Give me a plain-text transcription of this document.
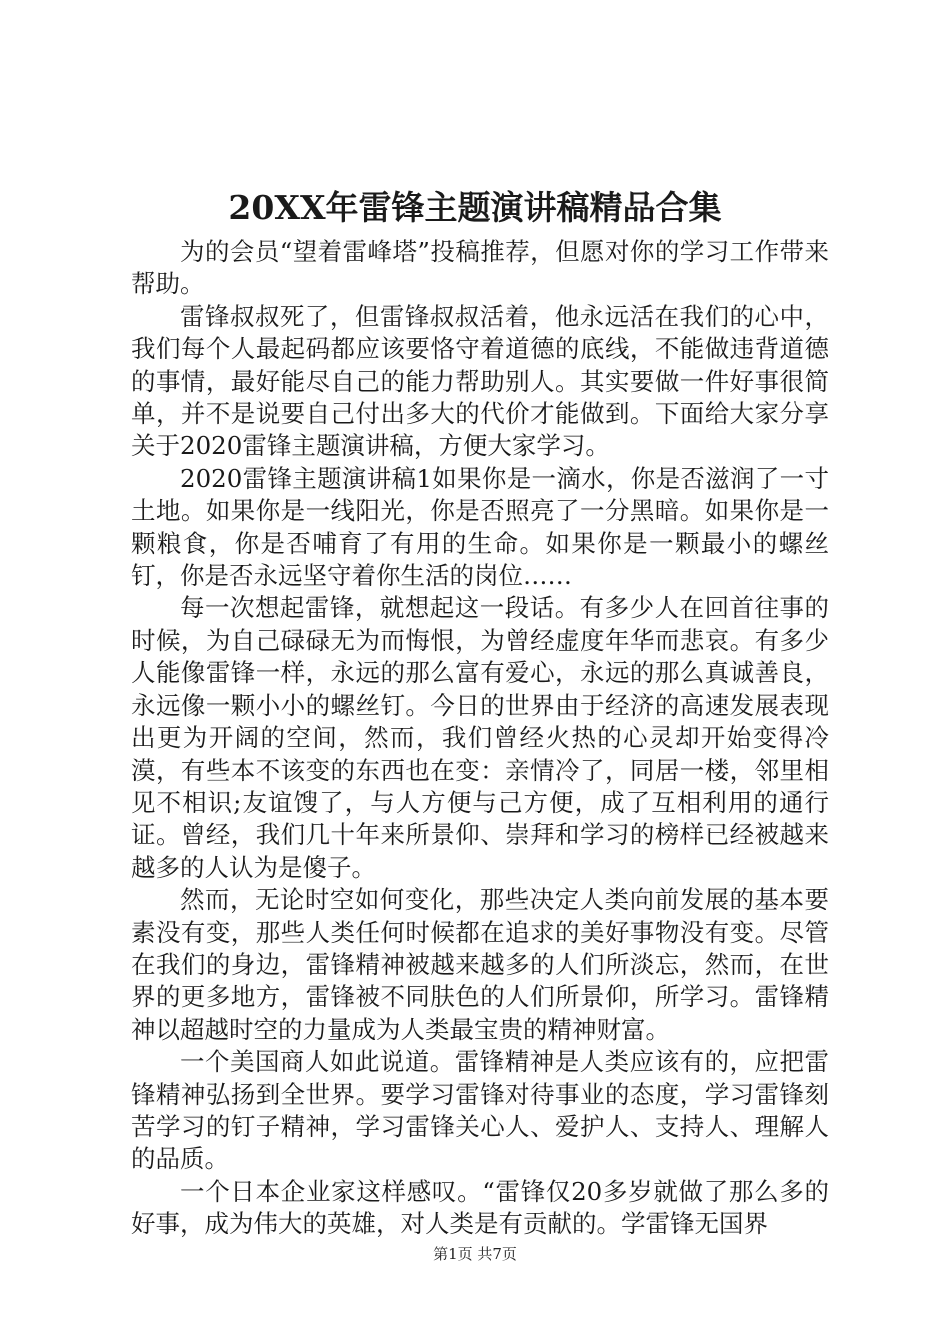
20XX年雷锋主题演讲稿精品合集

为的会员“望着雷峰塔”投稿推荐，但愿对你的学习工作带来帮助。

雷锋叔叔死了，但雷锋叔叔活着，他永远活在我们的心中，我们每个人最起码都应该要恪守着道德的底线，不能做违背道德的事情，最好能尽自己的能力帮助别人。其实要做一件好事很简单，并不是说要自己付出多大的代价才能做到。下面给大家分享关于2020雷锋主题演讲稿，方便大家学习。

2020雷锋主题演讲稿1如果你是一滴水，你是否滋润了一寸土地。如果你是一线阳光，你是否照亮了一分黑暗。如果你是一颗粮食，你是否哺育了有用的生命。如果你是一颗最小的螺丝钉，你是否永远坚守着你生活的岗位……

每一次想起雷锋，就想起这一段话。有多少人在回首往事的时候，为自己碌碌无为而悔恨，为曾经虚度年华而悲哀。有多少人能像雷锋一样，永远的那么富有爱心，永远的那么真诚善良，永远像一颗小小的螺丝钉。今日的世界由于经济的高速发展表现出更为开阔的空间，然而，我们曾经火热的心灵却开始变得冷漠，有些本不该变的东西也在变：亲情冷了，同居一楼，邻里相见不相识;友谊馊了，与人方便与己方便，成了互相利用的通行证。曾经，我们几十年来所景仰、崇拜和学习的榜样已经被越来越多的人认为是傻子。

然而，无论时空如何变化，那些决定人类向前发展的基本要素没有变，那些人类任何时候都在追求的美好事物没有变。尽管在我们的身边，雷锋精神被越来越多的人们所淡忘，然而，在世界的更多地方，雷锋被不同肤色的人们所景仰，所学习。雷锋精神以超越时空的力量成为人类最宝贵的精神财富。

一个美国商人如此说道。雷锋精神是人类应该有的，应把雷锋精神弘扬到全世界。要学习雷锋对待事业的态度，学习雷锋刻苦学习的钉子精神，学习雷锋关心人、爱护人、支持人、理解人的品质。

一个日本企业家这样感叹。“雷锋仅20多岁就做了那么多的好事，成为伟大的英雄，对人类是有贡献的。学雷锋无国界

第1页 共7页
